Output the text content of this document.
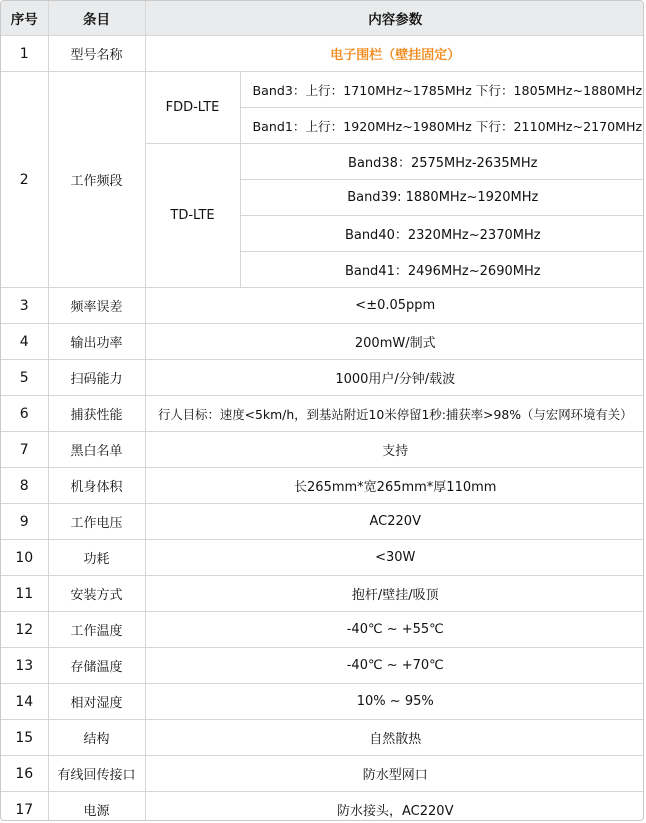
序号	条目	内容参数	
1	型号名称	电子围栏（壁挂固定）	
2	工作频段	FDD-LTE	Band3：上行：1710MHz~1785MHz 下行：1805MHz~1880MHz
			Band1：上行：1920MHz~1980MHz 下行：2110MHz~2170MHz
		TD-LTE	Band38：2575MHz-2635MHz
			Band39: 1880MHz~1920MHz
			Band40：2320MHz~2370MHz
			Band41：2496MHz~2690MHz
3	频率误差	<±0.05ppm	
4	输出功率	200mW/制式	
5	扫码能力	1000用户/分钟/载波	
6	捕获性能	行人目标：速度<5km/h，到基站附近10米停留1秒:捕获率>98%（与宏网环境有关）	
7	黑白名单	支持	
8	机身体积	长265mm*宽265mm*厚110mm	
9	工作电压	AC220V	
10	功耗	<30W	
11	安装方式	抱杆/壁挂/吸顶	
12	工作温度	-40℃ ~ +55℃	
13	存储温度	-40℃ ~ +70℃	
14	相对湿度	10% ~ 95%	
15	结构	自然散热	
16	有线回传接口	防水型网口	
17	电源	防水接头，AC220V	
